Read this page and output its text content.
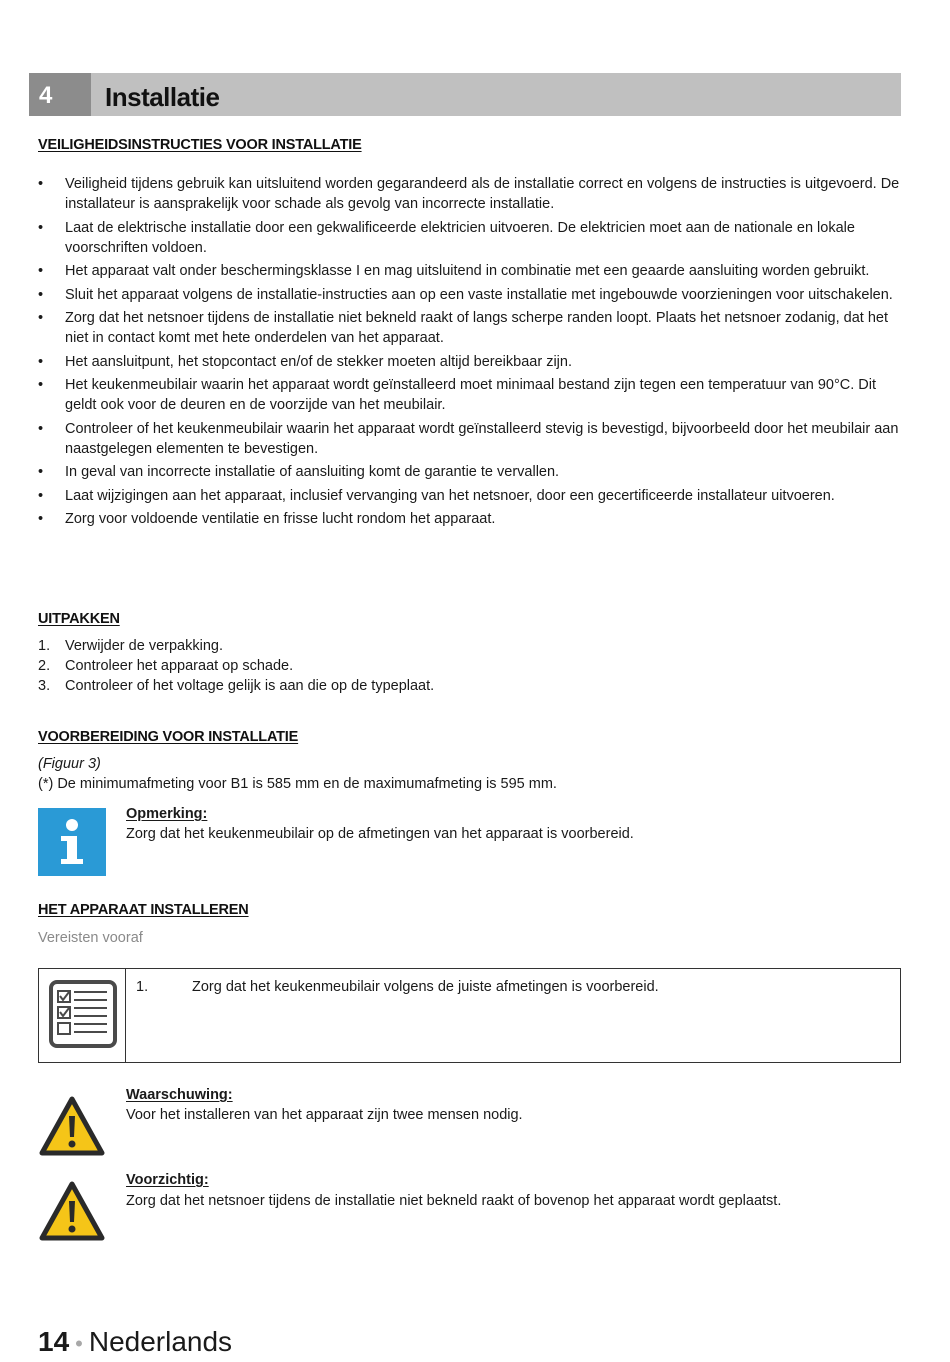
4	Installatie
VEILIGHEIDSINSTRUCTIES VOOR INSTALLATIE
• Veiligheid tijdens gebruik kan uitsluitend worden gegarandeerd als de installatie correct en volgens de instructies is uitgevoerd. De installateur is aansprakelijk voor schade als gevolg van incorrecte installatie.
• Laat de elektrische installatie door een gekwalificeerde elektricien uitvoeren. De elektricien moet aan de nationale en lokale voorschriften voldoen.
• Het apparaat valt onder beschermingsklasse I en mag uitsluitend in combinatie met een geaarde aansluiting worden gebruikt.
• Sluit het apparaat volgens de installatie-instructies aan op een vaste installatie met ingebouwde voorzieningen voor uitschakelen.
• Zorg dat het netsnoer tijdens de installatie niet bekneld raakt of langs scherpe randen loopt. Plaats het netsnoer zodanig, dat het niet in contact komt met hete onderdelen van het apparaat.
• Het aansluitpunt, het stopcontact en/of de stekker moeten altijd bereikbaar zijn.
• Het keukenmeubilair waarin het apparaat wordt geïnstalleerd moet minimaal bestand zijn tegen een temperatuur van 90°C. Dit geldt ook voor de deuren en de voorzijde van het meubilair.
• Controleer of het keukenmeubilair waarin het apparaat wordt geïnstalleerd stevig is bevestigd, bijvoorbeeld door het meubilair aan naastgelegen elementen te bevestigen.
• In geval van incorrecte installatie of aansluiting komt de garantie te vervallen.
• Laat wijzigingen aan het apparaat, inclusief vervanging van het netsnoer, door een gecertificeerde installateur uitvoeren.
• Zorg voor voldoende ventilatie en frisse lucht rondom het apparaat.
UITPAKKEN
1. Verwijder de verpakking.
2. Controleer het apparaat op schade.
3. Controleer of het voltage gelijk is aan die op de typeplaat.
VOORBEREIDING VOOR INSTALLATIE
(Figuur 3)
(*) De minimumafmeting voor B1 is 585 mm en de maximumafmeting is 595 mm.
Opmerking:
Zorg dat het keukenmeubilair op de afmetingen van het apparaat is voorbereid.
HET APPARAAT INSTALLEREN
Vereisten vooraf
1.	Zorg dat het keukenmeubilair volgens de juiste afmetingen is voorbereid.
Waarschuwing:
Voor het installeren van het apparaat zijn twee mensen nodig.
Voorzichtig:
Zorg dat het netsnoer tijdens de installatie niet bekneld raakt of bovenop het apparaat wordt geplaatst.
14 • Nederlands
